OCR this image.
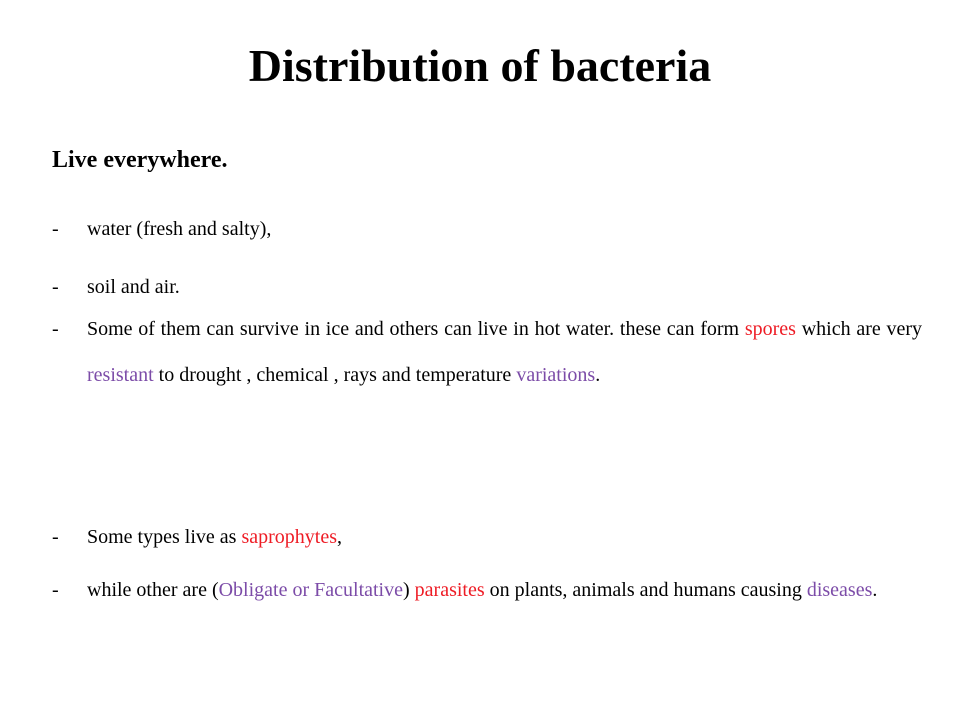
Distribution of bacteria
Live everywhere.
-	water (fresh and salty),
-	soil and air.
-	Some of them can survive in ice and others can live in hot water. these can form spores which are very resistant to drought , chemical , rays and temperature variations.
-	Some types live as saprophytes,
-	while other are (Obligate or Facultative) parasites on plants, animals and humans causing diseases.
